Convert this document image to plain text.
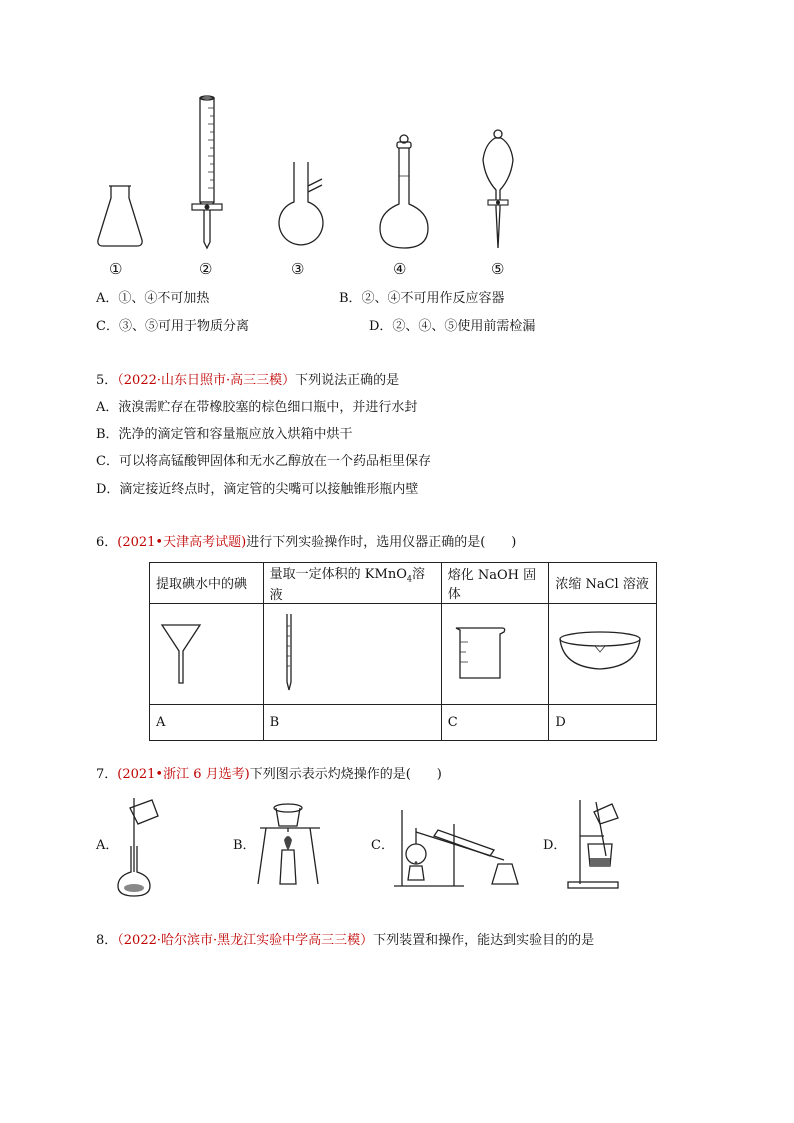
①	②	③	④	⑤
A．①、④不可加热	B．②、④不可用作反应容器
C．③、⑤可用于物质分离	D．②、④、⑤使用前需检漏
5．（2022·山东日照市·高三三模）下列说法正确的是
A．液溴需贮存在带橡胶塞的棕色细口瓶中，并进行水封
B．洗净的滴定管和容量瓶应放入烘箱中烘干
C．可以将高锰酸钾固体和无水乙醇放在一个药品柜里保存
D．滴定接近终点时，滴定管的尖嘴可以接触锥形瓶内壁
6．(2021•天津高考试题)进行下列实验操作时，选用仪器正确的是(　　)
提取碘水中的碘	量取一定体积的 KMnO$_4$溶液	熔化 NaOH 固体	浓缩 NaCl 溶液

A	B	C	D
7．(2021•浙江 6 月选考)下列图示表示灼烧操作的是(　　)
A．	B．	C．	D．
8．（2022·哈尔滨市·黑龙江实验中学高三三模）下列装置和操作，能达到实验目的的是
